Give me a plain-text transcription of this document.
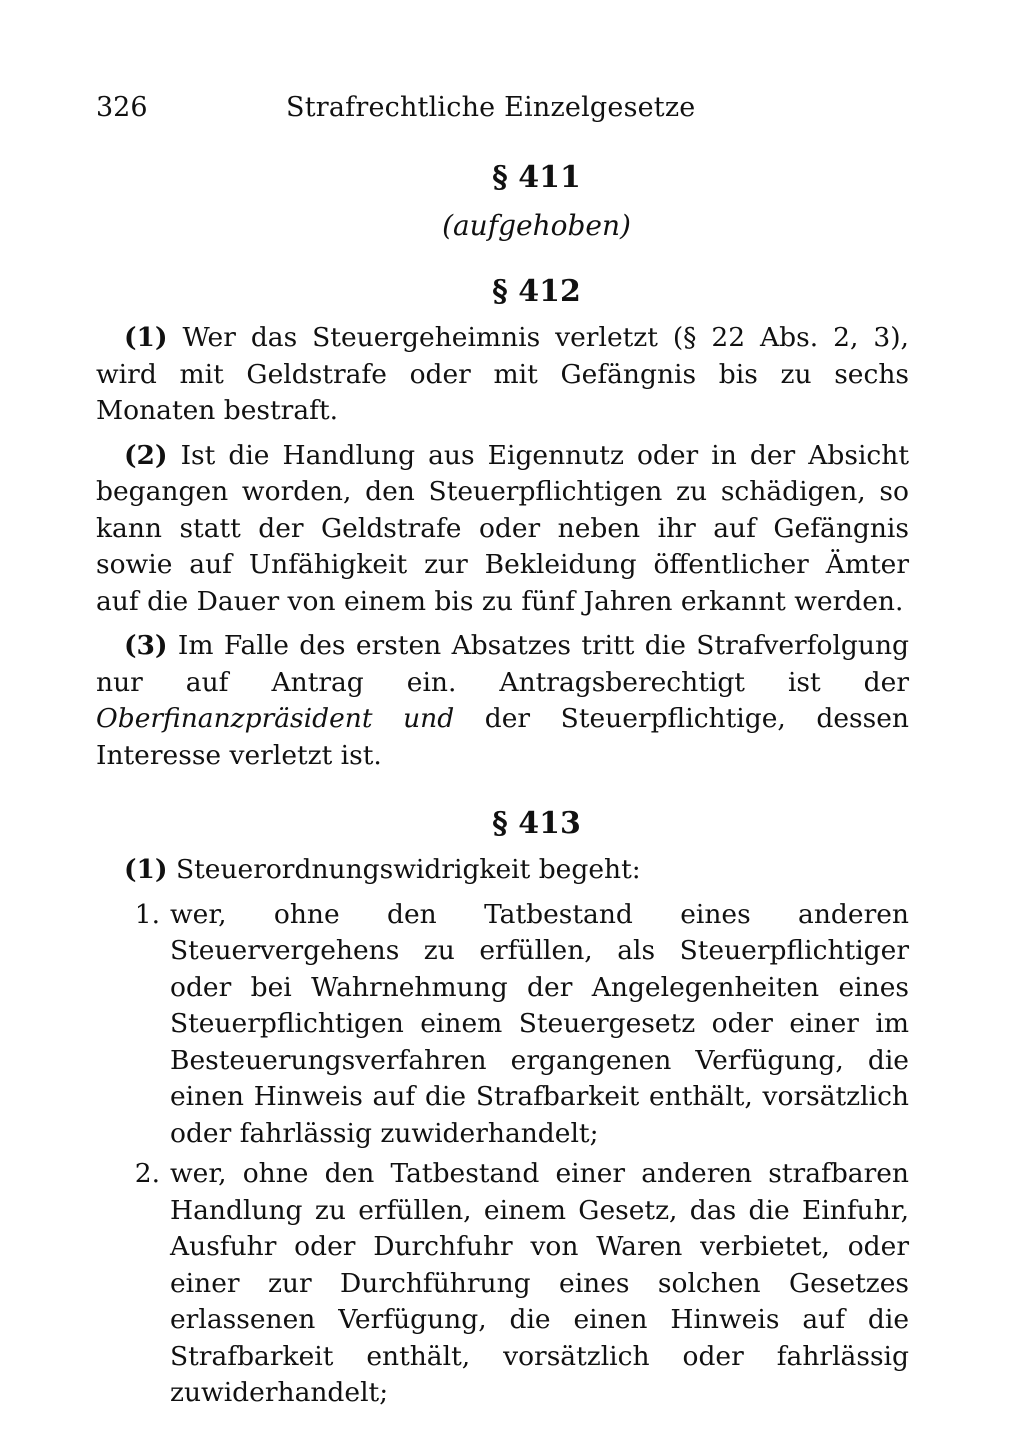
326	Strafrechtliche Einzelgesetze
§ 411

(aufgehoben)

§ 412

(1) Wer das Steuergeheimnis verletzt (§ 22 Abs. 2, 3), wird mit Geldstrafe oder mit Gefängnis bis zu sechs Monaten bestraft.

(2) Ist die Handlung aus Eigennutz oder in der Absicht begangen worden, den Steuerpflichtigen zu schädigen, so kann statt der Geldstrafe oder neben ihr auf Gefängnis sowie auf Unfähigkeit zur Bekleidung öffentlicher Ämter auf die Dauer von einem bis zu fünf Jahren erkannt werden.

(3) Im Falle des ersten Absatzes tritt die Strafverfolgung nur auf Antrag ein. Antragsberechtigt ist der Oberfinanzpräsident und der Steuerpflichtige, dessen Interesse verletzt ist.

§ 413

(1) Steuerordnungswidrigkeit begeht:

1. wer, ohne den Tatbestand eines anderen Steuervergehens zu erfüllen, als Steuerpflichtiger oder bei Wahrnehmung der Angelegenheiten eines Steuerpflichtigen einem Steuergesetz oder einer im Besteuerungsverfahren ergangenen Verfügung, die einen Hinweis auf die Strafbarkeit enthält, vorsätzlich oder fahrlässig zuwiderhandelt;
2. wer, ohne den Tatbestand einer anderen strafbaren Handlung zu erfüllen, einem Gesetz, das die Einfuhr, Ausfuhr oder Durchfuhr von Waren verbietet, oder einer zur Durchführung eines solchen Gesetzes erlassenen Verfügung, die einen Hinweis auf die Strafbarkeit enthält, vorsätzlich oder fahrlässig zuwiderhandelt;
